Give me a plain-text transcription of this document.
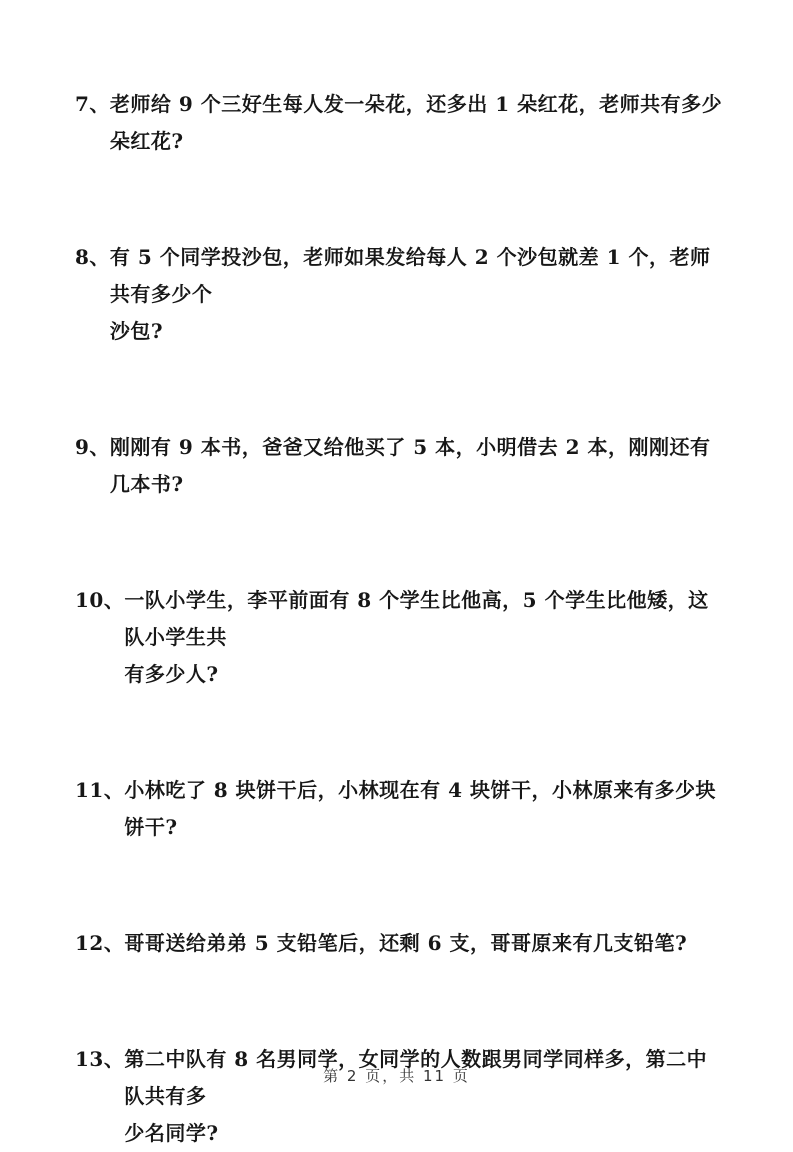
7、 老师给 9 个三好生每人发一朵花，还多出 1 朵红花，老师共有多少朵红花?
8、 有 5 个同学投沙包，老师如果发给每人 2 个沙包就差 1 个，老师共有多少个
沙包?
9、 刚刚有 9 本书，爸爸又给他买了 5 本，小明借去 2 本，刚刚还有几本书?
10、 一队小学生，李平前面有 8 个学生比他高，5 个学生比他矮，这队小学生共
有多少人?
11、 小林吃了 8 块饼干后，小林现在有 4 块饼干，小林原来有多少块饼干?
12、 哥哥送给弟弟 5 支铅笔后，还剩 6 支，哥哥原来有几支铅笔?
13、 第二中队有 8 名男同学，女同学的人数跟男同学同样多，第二中队共有多
少名同学?
第 2 页，共 11 页
